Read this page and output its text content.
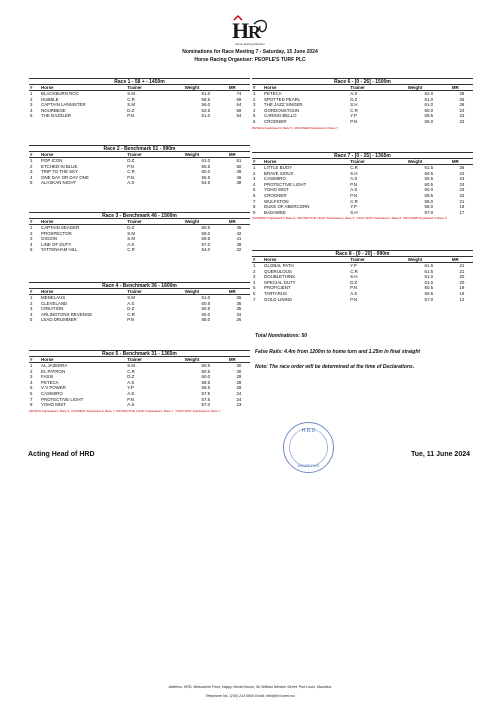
H
R
Horse Racing Division
Nominations for Race Meeting 7 - Saturday, 15 June 2024
Horse Racing Organiser: PEOPLE'S TURF PLC
Race 1 - 58 + - 1450m
#	Horse	Trainer	Weight	MR
1	BLACKBURN ROC	S.M	61.0	74
2	HUBBLE	C.R	58.5	69
3	CAPTAIN LANNISTER	S.M	56.0	64
4	NOURBESE	D.Z	53.5	59
5	THE DAZZLER	P.N	51.0	54
Race 2 - Benchmark 51 - 990m
#	Horse	Trainer	Weight	MR
1	POP ICON	D.Z	61.0	51
2	ETCHED IN BLUE	P.N	60.5	50
3	TRIP TO THE SKY	C.R	60.0	49
4	ONE DAY OR DAY ONE	P.N	56.5	46
5	ALASKAN NIGHT	A.S	54.5	38
Race 3 - Benchmark 46 - 1500m
#	Horse	Trainer	Weight	MR
1	CAPTAIN SEAGER	D.Z	60.5	45
2	PROSPECTOR	S.M	59.0	42
3	GIGGIN	S.M	59.5	41
4	LINE OF DUTY	A.S	57.0	38
5	TATTENHAM HILL	C.R	54.0	32
Race 4 - Benchmark 36 - 1600m
#	Horse	Trainer	Weight	MR
1	MENELAUS	S.M	61.0	36
2	CLEVELAND	A.S	60.5	35
3	CREATION	D.Z	60.5	35
4	ARLINGTONS REVENGE	C.R	60.0	34
5	LEAD DRUMMER	P.N	58.0	26
Race 5 - Benchmark 31 - 1365m
#	Horse	Trainer	Weight	MR
1	AL JAZEERA	S.M	60.5	30
2	EL PATRON	C.R	60.5	30
3	FASSI	D.Z	60.0	29
4	PETECA	A.S	59.5	28
5	V V POWER	Y.P	59.5	28
6	CASIMIRO	A.S	57.5	24
7	PROTECTIVE LIGHT	P.N	57.5	24
8	YOHO MIST	A.S	57.0	23
PETECA Duplicated in Race 6, CASIMIRO Duplicated in Race 7, PROTECTIVE LIGHT Duplicated in Race 7, YOHO MIST Duplicated in Race 7
Race 6 - [0 - 26] - 1500m
#	Horse	Trainer	Weight	MR
1	PETECA	A.S	62.0	28
2	SPOTTED PEARL	D.Z	61.0	26
3	THE JAZZ SINGER	S.H	61.0	26
4	GORDONSTOUN	C.R	60.0	24
5	CARINO BELLO	Y.P	59.5	23
6	CROONER	P.N	59.0	22
PETECA Duplicated in Race 5, CROONER Duplicated in Race 7
Race 7 - [0 - 25] - 1365m
#	Horse	Trainer	Weight	MR
1	LITTLE BUOY	C.R	61.5	26
2	BRAVE SIOUX	S.H	60.5	24
3	CASIMIRO	A.S	60.5	24
4	PROTECTIVE LIGHT	P.N	60.5	24
5	YOHO MIST	A.S	60.0	23
6	CROONER	P.N	59.5	22
7	WULFSTON	C.R	59.0	21
8	DUKE OF ABERCORN	Y.P	58.0	19
9	BADAWEE	S.H	57.0	17
CASIMIRO Duplicated in Race 5, PROTECTIVE LIGHT Duplicated in Race 5, YOHO MIST Duplicated in Race 5, CROONER Duplicated in Race 6
Race 8 - [0 - 20] - 990m
#	Horse	Trainer	Weight	MR
1	GLOBAL PATH	Y.P	61.5	21
2	QUERULOUS	C.R	61.5	21
3	DOUBLETHINK	S.H	61.0	20
4	SPECIAL DUTY	D.Z	61.0	20
5	PROFICIENT	P.N	60.5	19
6	TARTARUS	A.S	60.5	19
7	GOLD LINING	P.N	57.0	12
Total Nominations: 50
False Rails: 4.4m from 1200m to home turn and 1.25m in final straight
Note: The race order will be determined at the time of Declarations.
H.R.D
MAURITIUS
Acting Head of HRD	Tue, 11 June 2024
Address: HRD, Mezzanine Floor, Happy World House, Sir William Newton Street, Port Louis, Mauritius
Telephone No. (230) 214 6600 Email: info@hrd.totet.mu
